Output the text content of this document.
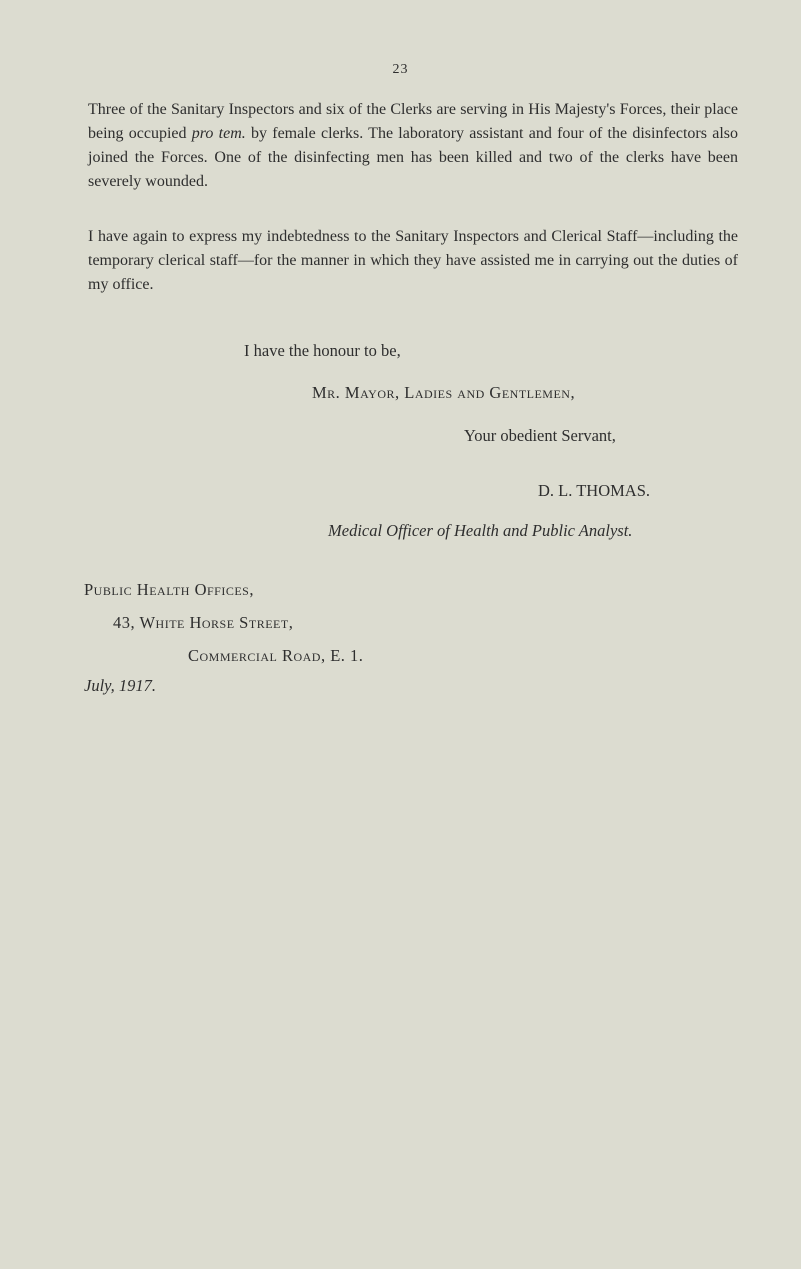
23

Three of the Sanitary Inspectors and six of the Clerks are serving in His Majesty's Forces, their place being occupied pro tem. by female clerks. The laboratory assistant and four of the disinfectors also joined the Forces. One of the disinfecting men has been killed and two of the clerks have been severely wounded.

I have again to express my indebtedness to the Sanitary Inspectors and Clerical Staff—including the temporary clerical staff—for the manner in which they have assisted me in carrying out the duties of my office.

I have the honour to be,
Mr. Mayor, Ladies and Gentlemen,
Your obedient Servant,
D. L. THOMAS.
Medical Officer of Health and Public Analyst.
Public Health Offices,
43, White Horse Street,
Commercial Road, E. 1.
July, 1917.
